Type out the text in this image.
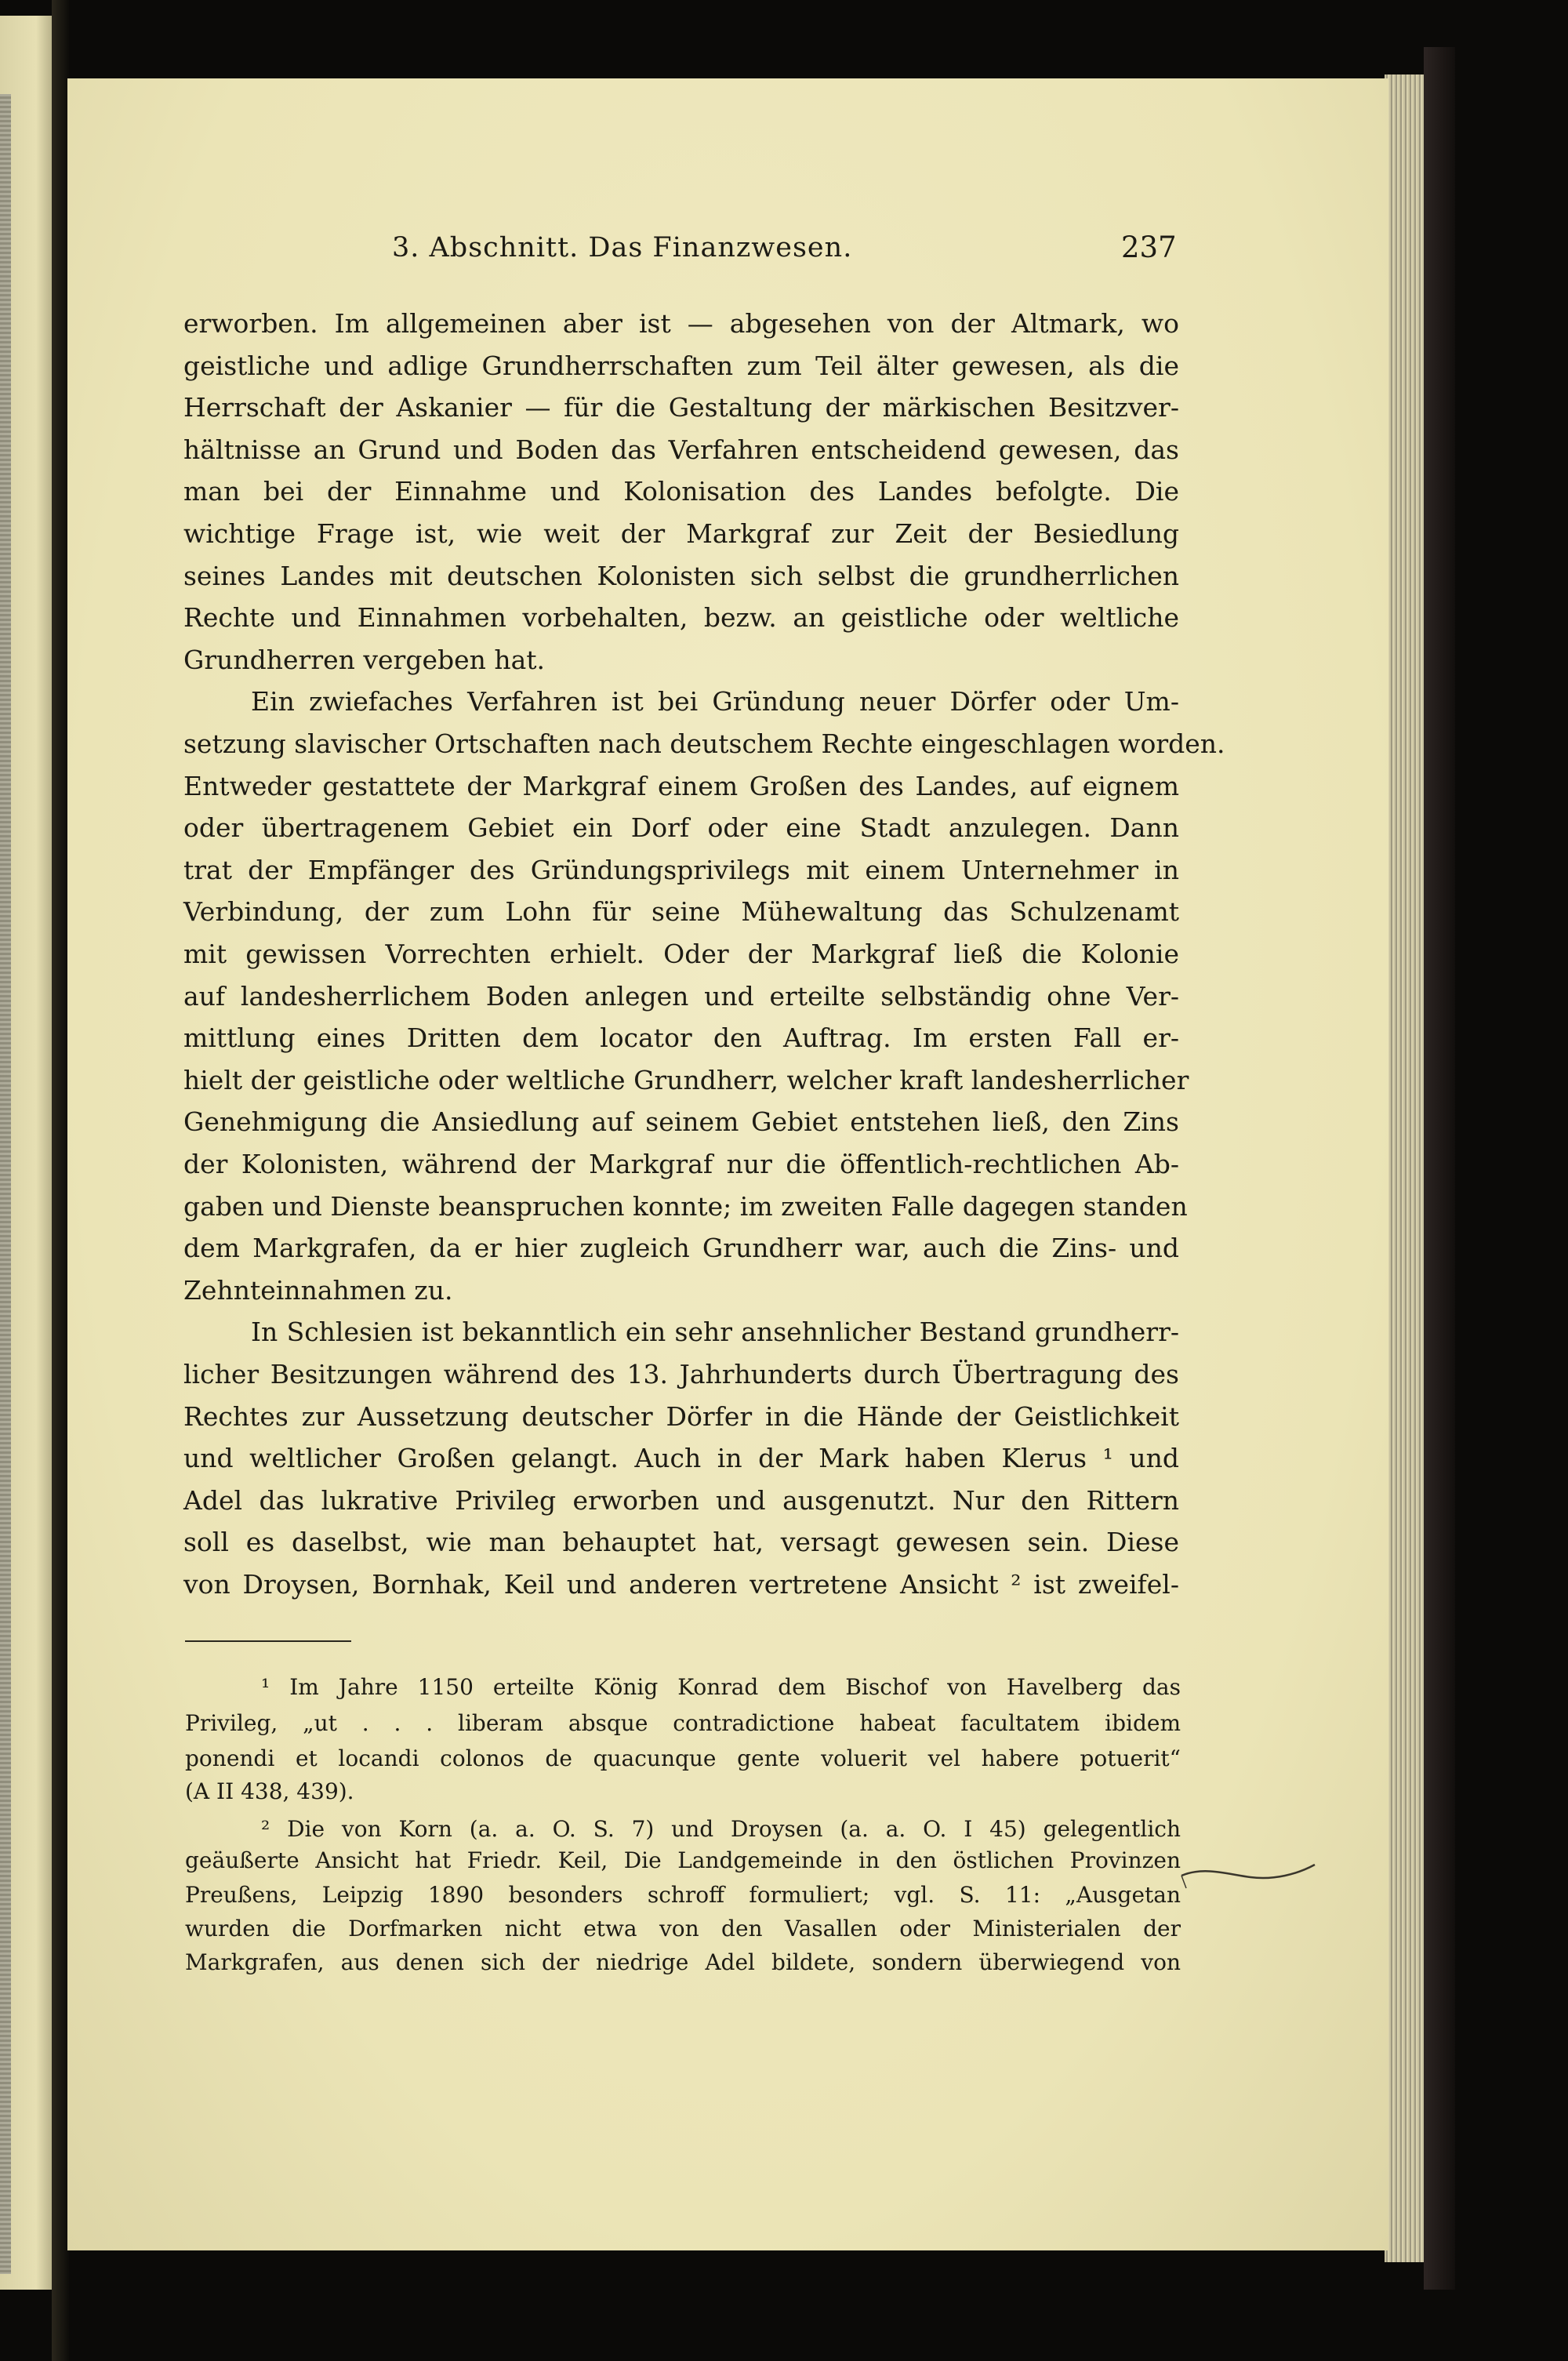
3. Abschnitt. Das Finanzwesen.	237
erworben. Im allgemeinen aber ist — abgesehen von der Altmark, wo
geistliche und adlige Grundherrschaften zum Teil älter gewesen, als die
Herrschaft der Askanier — für die Gestaltung der märkischen Besitzver-
hältnisse an Grund und Boden das Verfahren entscheidend gewesen, das
man bei der Einnahme und Kolonisation des Landes befolgte. Die
wichtige Frage ist, wie weit der Markgraf zur Zeit der Besiedlung
seines Landes mit deutschen Kolonisten sich selbst die grundherrlichen
Rechte und Einnahmen vorbehalten, bezw. an geistliche oder weltliche
Grundherren vergeben hat.
Ein zwiefaches Verfahren ist bei Gründung neuer Dörfer oder Um-
setzung slavischer Ortschaften nach deutschem Rechte eingeschlagen worden.
Entweder gestattete der Markgraf einem Großen des Landes, auf eignem
oder übertragenem Gebiet ein Dorf oder eine Stadt anzulegen. Dann
trat der Empfänger des Gründungsprivilegs mit einem Unternehmer in
Verbindung, der zum Lohn für seine Mühewaltung das Schulzenamt
mit gewissen Vorrechten erhielt. Oder der Markgraf ließ die Kolonie
auf landesherrlichem Boden anlegen und erteilte selbständig ohne Ver-
mittlung eines Dritten dem locator den Auftrag. Im ersten Fall er-
hielt der geistliche oder weltliche Grundherr, welcher kraft landesherrlicher
Genehmigung die Ansiedlung auf seinem Gebiet entstehen ließ, den Zins
der Kolonisten, während der Markgraf nur die öffentlich-rechtlichen Ab-
gaben und Dienste beanspruchen konnte; im zweiten Falle dagegen standen
dem Markgrafen, da er hier zugleich Grundherr war, auch die Zins- und
Zehnteinnahmen zu.
In Schlesien ist bekanntlich ein sehr ansehnlicher Bestand grundherr-
licher Besitzungen während des 13. Jahrhunderts durch Übertragung des
Rechtes zur Aussetzung deutscher Dörfer in die Hände der Geistlichkeit
und weltlicher Großen gelangt. Auch in der Mark haben Klerus ¹ und
Adel das lukrative Privileg erworben und ausgenutzt. Nur den Rittern
soll es daselbst, wie man behauptet hat, versagt gewesen sein. Diese
von Droysen, Bornhak, Keil und anderen vertretene Ansicht ² ist zweifel-
¹ Im Jahre 1150 erteilte König Konrad dem Bischof von Havelberg das
Privileg, „ut . . . liberam absque contradictione habeat facultatem ibidem
ponendi et locandi colonos de quacunque gente voluerit vel habere potuerit“
(A II 438, 439).
² Die von Korn (a. a. O. S. 7) und Droysen (a. a. O. I 45) gelegentlich
geäußerte Ansicht hat Friedr. Keil, Die Landgemeinde in den östlichen Provinzen
Preußens, Leipzig 1890 besonders schroff formuliert; vgl. S. 11: „Ausgetan
wurden die Dorfmarken nicht etwa von den Vasallen oder Ministerialen der
Markgrafen, aus denen sich der niedrige Adel bildete, sondern überwiegend von
